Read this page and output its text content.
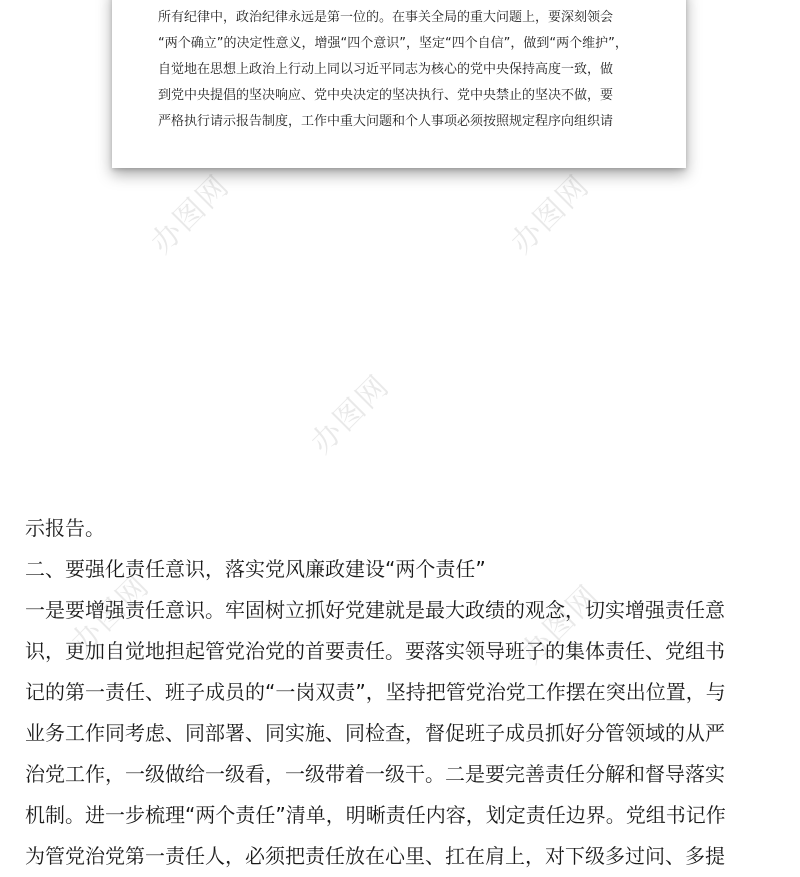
办图网	办图网
办图网
办图网	办图网
所有纪律中，政治纪律永远是第一位的。在事关全局的重大问题上，要深刻领会
“两个确立”的决定性意义，增强“四个意识”，坚定“四个自信”，做到“两个维护”，
自觉地在思想上政治上行动上同以习近平同志为核心的党中央保持高度一致，做
到党中央提倡的坚决响应、党中央决定的坚决执行、党中央禁止的坚决不做，要
严格执行请示报告制度，工作中重大问题和个人事项必须按照规定程序向组织请
示报告。
二、要强化责任意识，落实党风廉政建设“两个责任”
一是要增强责任意识。牢固树立抓好党建就是最大政绩的观念，切实增强责任意
识，更加自觉地担起管党治党的首要责任。要落实领导班子的集体责任、党组书
记的第一责任、班子成员的“一岗双责”，坚持把管党治党工作摆在突出位置，与
业务工作同考虑、同部署、同实施、同检查，督促班子成员抓好分管领域的从严
治党工作，一级做给一级看，一级带着一级干。二是要完善责任分解和督导落实
机制。进一步梳理“两个责任”清单，明晰责任内容，划定责任边界。党组书记作
为管党治党第一责任人，必须把责任放在心里、扛在肩上，对下级多过问、多提
